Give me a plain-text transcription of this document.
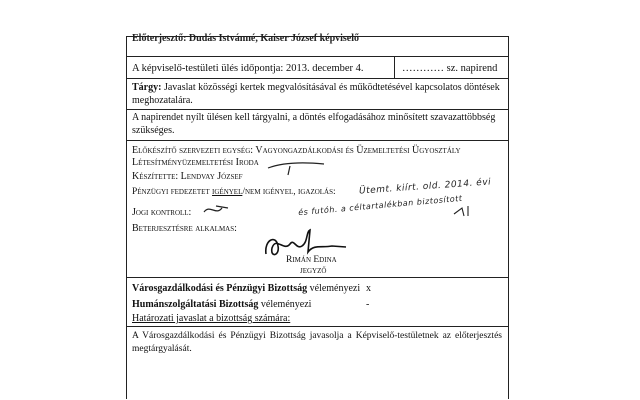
Előterjesztő: Dudás Istvánné, Kaiser József képviselő
A képviselő-testületi ülés időpontja: 2013. december 4.	………… sz. napirend
Tárgy: Javaslat közösségi kertek megvalósításával és működtetésével kapcsolatos döntések meghozatalára.
A napirendet nyílt ülésen kell tárgyalni, a döntés elfogadásához minősített szavazattöbbség szükséges.
Előkészítő szervezeti egység: Vagyongazdálkodási és Üzemeltetési Ügyosztály
Létesítményüzemeltetési Iroda
Készítette: Lendvay József
Pénzügyi fedezetet igényel/nem igényel, igazolás:	Ütemt. kiírt. old. 2014. évi
és futóh. a céltartalékban biztosított
Jogi kontroll:
Beterjesztésre alkalmas:
Rimán Edina
jegyző
Városgazdálkodási és Pénzügyi Bizottság véleményezi x
Humánszolgáltatási Bizottság véleményezi	-
Határozati javaslat a bizottság számára:
A Városgazdálkodási és Pénzügyi Bizottság javasolja a Képviselő-testületnek az előterjesztés megtárgyalását.
